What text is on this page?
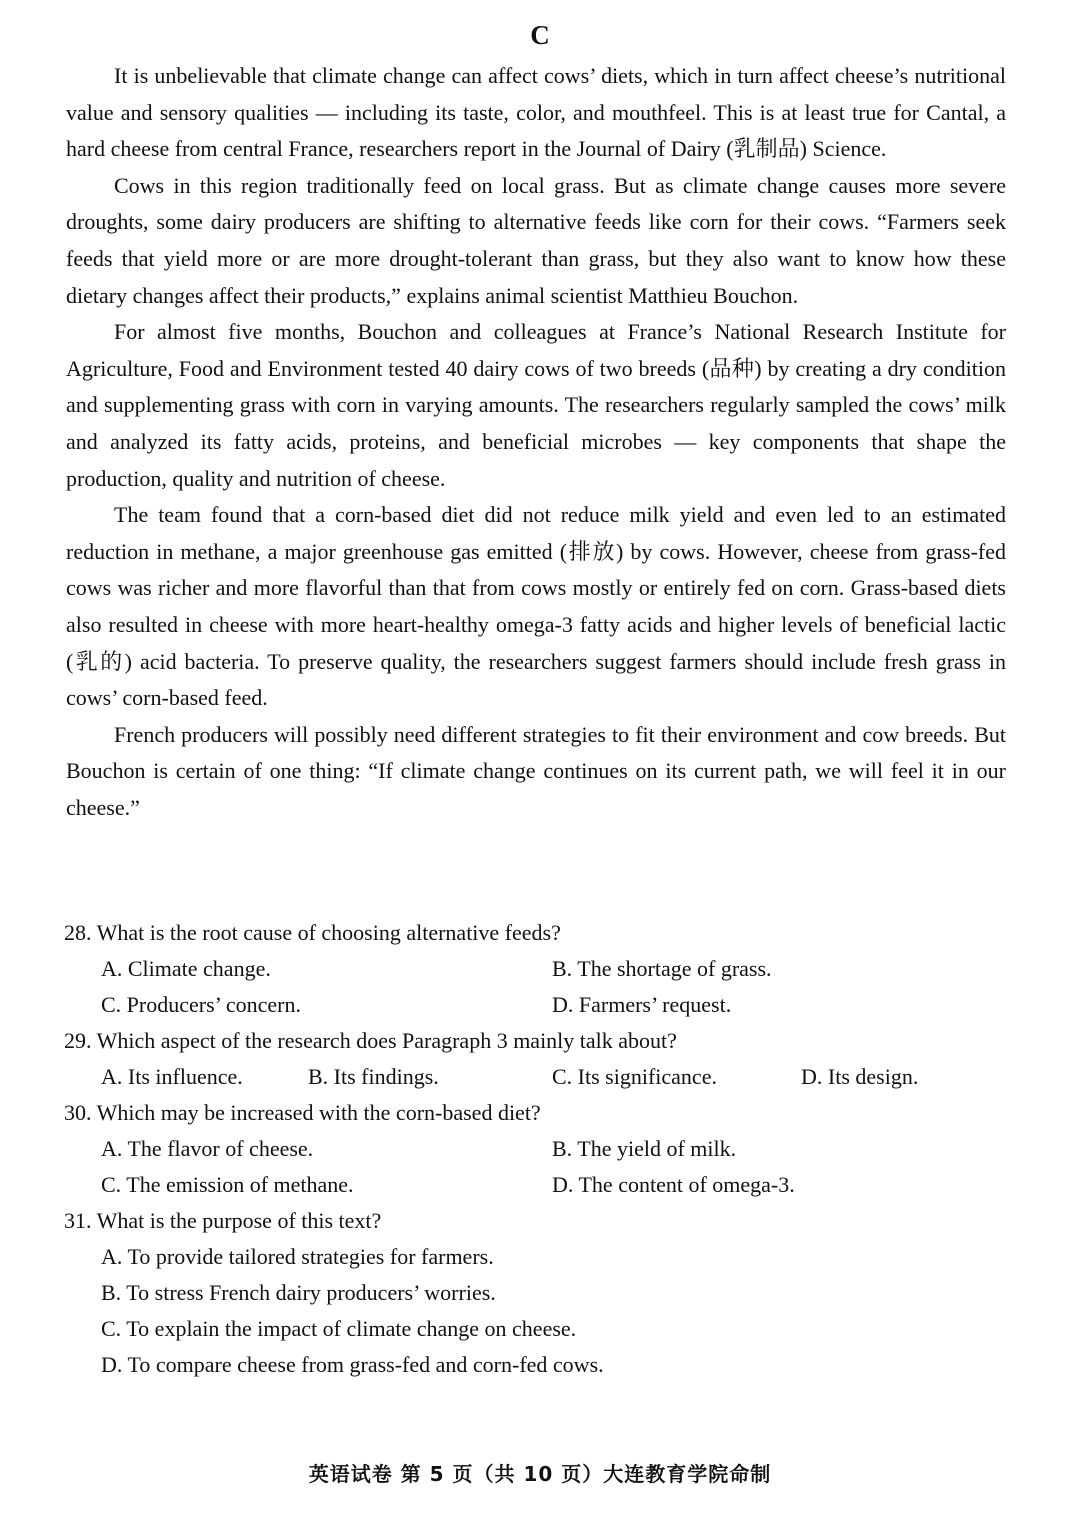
C

It is unbelievable that climate change can affect cows’ diets, which in turn affect cheese’s nutritional value and sensory qualities — including its taste, color, and mouthfeel. This is at least true for Cantal, a hard cheese from central France, researchers report in the Journal of Dairy (乳制品) Science.

Cows in this region traditionally feed on local grass. But as climate change causes more severe droughts, some dairy producers are shifting to alternative feeds like corn for their cows. “Farmers seek feeds that yield more or are more drought-tolerant than grass, but they also want to know how these dietary changes affect their products,” explains animal scientist Matthieu Bouchon.

For almost five months, Bouchon and colleagues at France’s National Research Institute for Agriculture, Food and Environment tested 40 dairy cows of two breeds (品种) by creating a dry condition and supplementing grass with corn in varying amounts. The researchers regularly sampled the cows’ milk and analyzed its fatty acids, proteins, and beneficial microbes — key components that shape the production, quality and nutrition of cheese.

The team found that a corn-based diet did not reduce milk yield and even led to an estimated reduction in methane, a major greenhouse gas emitted (排放) by cows. However, cheese from grass-fed cows was richer and more flavorful than that from cows mostly or entirely fed on corn. Grass-based diets also resulted in cheese with more heart-healthy omega-3 fatty acids and higher levels of beneficial lactic (乳的) acid bacteria. To preserve quality, the researchers suggest farmers should include fresh grass in cows’ corn-based feed.

French producers will possibly need different strategies to fit their environment and cow breeds. But Bouchon is certain of one thing: “If climate change continues on its current path, we will feel it in our cheese.”

28. What is the root cause of choosing alternative feeds?

A. Climate change.	B. The shortage of grass.
C. Producers’ concern.	D. Farmers’ request.

29. Which aspect of the research does Paragraph 3 mainly talk about?

A. Its influence.	B. Its findings.	C. Its significance.	D. Its design.

30. Which may be increased with the corn-based diet?

A. The flavor of cheese.	B. The yield of milk.
C. The emission of methane.	D. The content of omega-3.

31. What is the purpose of this text?

A. To provide tailored strategies for farmers.
B. To stress French dairy producers’ worries.
C. To explain the impact of climate change on cheese.
D. To compare cheese from grass-fed and corn-fed cows.
英语试卷 第 5 页（共 10 页）大连教育学院命制
